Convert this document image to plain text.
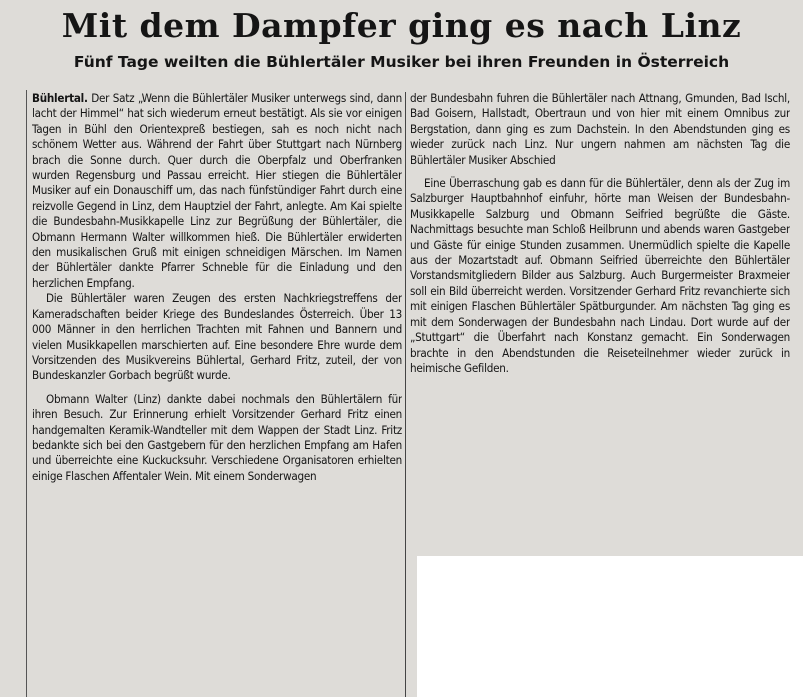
Mit dem Dampfer ging es nach Linz
Fünf Tage weilten die Bühlertäler Musiker bei ihren Freunden in Österreich

Bühlertal. Der Satz „Wenn die Bühlertäler Musiker unterwegs sind, dann lacht der Himmel“ hat sich wiederum erneut bestätigt. Als sie vor einigen Tagen in Bühl den Orientexpreß bestiegen, sah es noch nicht nach schönem Wetter aus. Während der Fahrt über Stuttgart nach Nürnberg brach die Sonne durch. Quer durch die Oberpfalz und Oberfranken wurden Regensburg und Passau erreicht. Hier stiegen die Bühlertäler Musiker auf ein Donauschiff um, das nach fünfstündiger Fahrt durch eine reizvolle Gegend in Linz, dem Hauptziel der Fahrt, anlegte. Am Kai spielte die Bundesbahn-Musikkapelle Linz zur Begrüßung der Bühlertäler, die Obmann Hermann Walter willkommen hieß. Die Bühlertäler erwiderten den musikalischen Gruß mit einigen schneidigen Märschen. Im Namen der Bühlertäler dankte Pfarrer Schneble für die Einladung und den herzlichen Empfang.

Die Bühlertäler waren Zeugen des ersten Nachkriegstreffens der Kameradschaften beider Kriege des Bundeslandes Österreich. Über 13 000 Männer in den herrlichen Trachten mit Fahnen und Bannern und vielen Musikkapellen marschierten auf. Eine besondere Ehre wurde dem Vorsitzenden des Musikvereins Bühlertal, Gerhard Fritz, zuteil, der von Bundeskanzler Gorbach begrüßt wurde.

Obmann Walter (Linz) dankte dabei nochmals den Bühlertälern für ihren Besuch. Zur Erinnerung erhielt Vorsitzender Gerhard Fritz einen handgemalten Keramik-Wandteller mit dem Wappen der Stadt Linz. Fritz bedankte sich bei den Gastgebern für den herzlichen Empfang am Hafen und überreichte eine Kuckucksuhr. Verschiedene Organisatoren erhielten einige Flaschen Affentaler Wein. Mit einem Sonderwagen

der Bundesbahn fuhren die Bühlertäler nach Attnang, Gmunden, Bad Ischl, Bad Goisern, Hallstadt, Obertraun und von hier mit einem Omnibus zur Bergstation, dann ging es zum Dachstein. In den Abendstunden ging es wieder zurück nach Linz. Nur ungern nahmen am nächsten Tag die Bühlertäler Musiker Abschied

Eine Überraschung gab es dann für die Bühlertäler, denn als der Zug im Salzburger Hauptbahnhof einfuhr, hörte man Weisen der Bundesbahn-Musikkapelle Salzburg und Obmann Seifried begrüßte die Gäste. Nachmittags besuchte man Schloß Heilbrunn und abends waren Gastgeber und Gäste für einige Stunden zusammen. Unermüdlich spielte die Kapelle aus der Mozartstadt auf. Obmann Seifried überreichte den Bühlertäler Vorstandsmitgliedern Bilder aus Salzburg. Auch Burgermeister Braxmeier soll ein Bild überreicht werden. Vorsitzender Gerhard Fritz revanchierte sich mit einigen Flaschen Bühlertäler Spätburgunder. Am nächsten Tag ging es mit dem Sonderwagen der Bundesbahn nach Lindau. Dort wurde auf der „Stuttgart“ die Überfahrt nach Konstanz gemacht. Ein Sonderwagen brachte in den Abendstunden die Reiseteilnehmer wieder zurück in heimische Gefilden.
